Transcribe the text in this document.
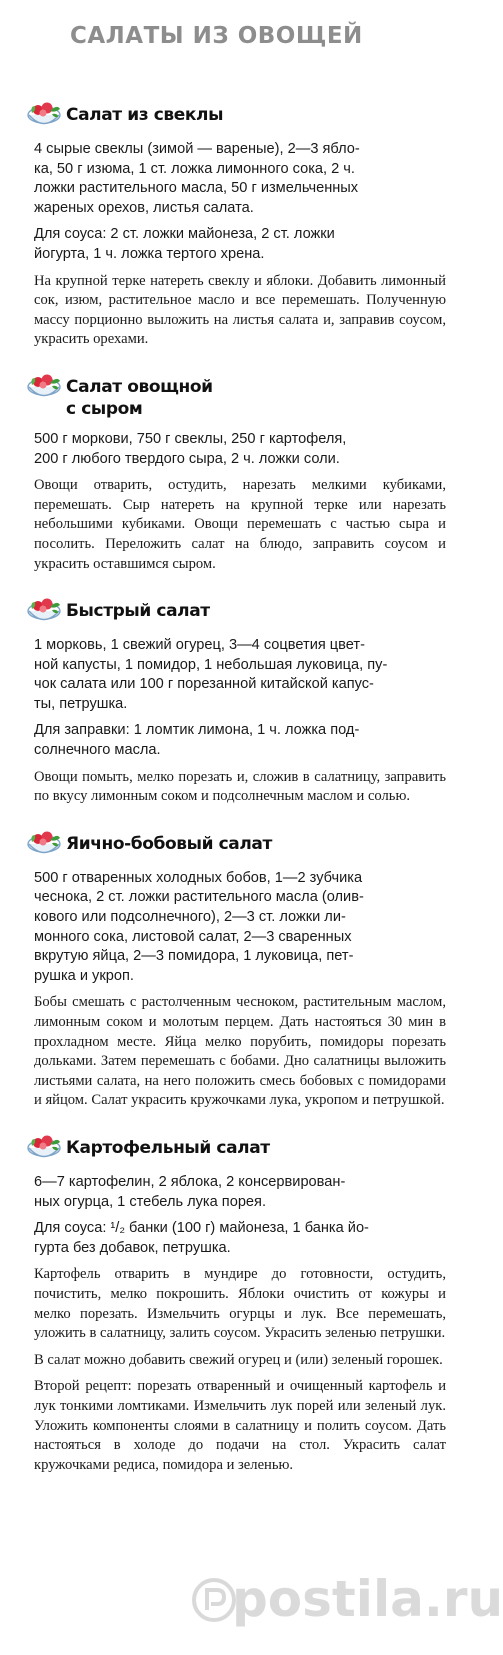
САЛАТЫ ИЗ ОВОЩЕЙ
Салат из свеклы
4 сырые свеклы (зимой — вареные), 2—3 ябло-
ка, 50 г изюма, 1 ст. ложка лимонного сока, 2 ч.
ложки растительного масла, 50 г измельченных
жареных орехов, листья салата.
Для соуса: 2 ст. ложки майонеза, 2 ст. ложки
йогурта, 1 ч. ложка тертого хрена.

На крупной терке натереть свеклу и яблоки. Добавить лимонный сок, изюм, растительное масло и все перемешать. Полученную массу порционно выложить на листья салата и, заправив соусом, украсить орехами.

Салат овощной
с сыром
500 г моркови, 750 г свеклы, 250 г картофеля,
200 г любого твердого сыра, 2 ч. ложки соли.

Овощи отварить, остудить, нарезать мелкими кубиками, перемешать. Сыр натереть на крупной терке или нарезать небольшими кубиками. Овощи перемешать с частью сыра и посолить. Переложить салат на блюдо, заправить соусом и украсить оставшимся сыром.

Быстрый салат
1 морковь, 1 свежий огурец, 3—4 соцветия цвет-
ной капусты, 1 помидор, 1 небольшая луковица, пу-
чок салата или 100 г порезанной китайской капус-
ты, петрушка.
Для заправки: 1 ломтик лимона, 1 ч. ложка под-
солнечного масла.

Овощи помыть, мелко порезать и, сложив в салатницу, заправить по вкусу лимонным соком и подсолнечным маслом и солью.

Яично-бобовый салат
500 г отваренных холодных бобов, 1—2 зубчика
чеснока, 2 ст. ложки растительного масла (олив-
кового или подсолнечного), 2—3 ст. ложки ли-
монного сока, листовой салат, 2—3 сваренных
вкрутую яйца, 2—3 помидора, 1 луковица, пет-
рушка и укроп.

Бобы смешать с растолченным чесноком, растительным маслом, лимонным соком и молотым перцем. Дать настояться 30 мин в прохладном месте. Яйца мелко порубить, помидоры порезать дольками. Затем перемешать с бобами. Дно салатницы выложить листьями салата, на него положить смесь бобовых с помидорами и яйцом. Салат украсить кружочками лука, укропом и петрушкой.

Картофельный салат
6—7 картофелин, 2 яблока, 2 консервирован-
ных огурца, 1 стебель лука порея.
Для соуса: ¹/₂ банки (100 г) майонеза, 1 банка йо-
гурта без добавок, петрушка.

Картофель отварить в мундире до готовности, остудить, почистить, мелко покрошить. Яблоки очистить от кожуры и мелко порезать. Измельчить огурцы и лук. Все перемешать, уложить в салатницу, залить соусом. Украсить зеленью петрушки.

В салат можно добавить свежий огурец и (или) зеленый горошек.

Второй рецепт: порезать отваренный и очищенный картофель и лук тонкими ломтиками. Измельчить лук порей или зеленый лук. Уложить компоненты слоями в салатницу и полить соусом. Дать настояться в холоде до подачи на стол. Украсить салат кружочками редиса, помидора и зеленью.

postila.ru
